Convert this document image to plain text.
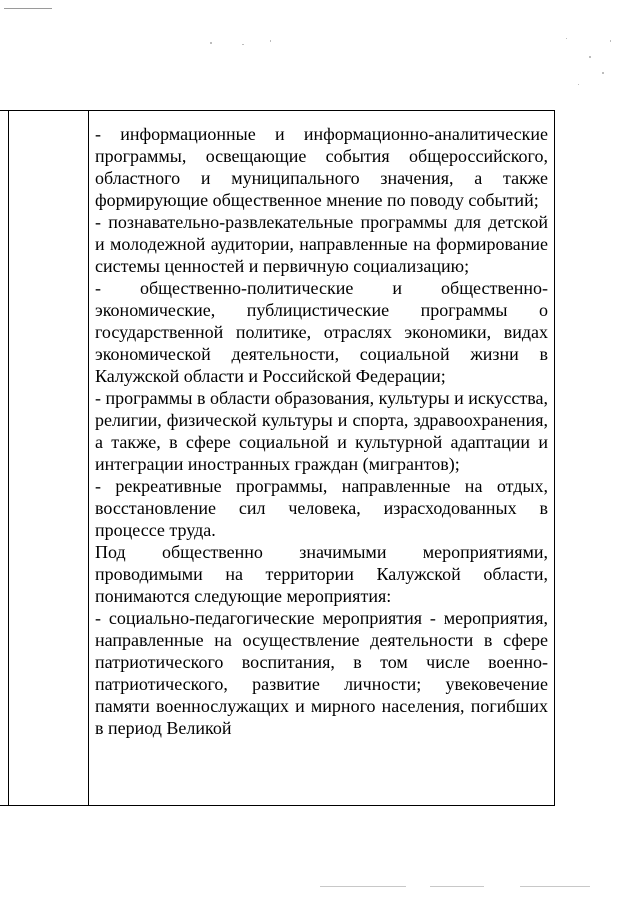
- информационные и информационно-аналитические программы, освещающие события общероссийского, областного и муниципального значения, а также формирующие общественное мнение по поводу событий;

- познавательно-развлекательные программы для детской и молодежной аудитории, направленные на формирование системы ценностей и первичную социализацию;

- общественно-политические и общественно-экономические, публицистические программы о государственной политике, отраслях экономики, видах экономической деятельности, социальной жизни в Калужской области и Российской Федерации;

- программы в области образования, культуры и искусства, религии, физической культуры и спорта, здравоохранения, а также, в сфере социальной и культурной адаптации и интеграции иностранных граждан (мигрантов);

- рекреативные программы, направленные на отдых, восстановление сил человека, израсходованных в процессе труда.

Под общественно значимыми мероприятиями, проводимыми на территории Калужской области, понимаются следующие мероприятия:

- социально-педагогические мероприятия - мероприятия, направленные на осуществление деятельности в сфере патриотического воспитания, в том числе военно-патриотического, развитие личности; увековечение памяти военнослужащих и мирного населения, погибших в период Великой
